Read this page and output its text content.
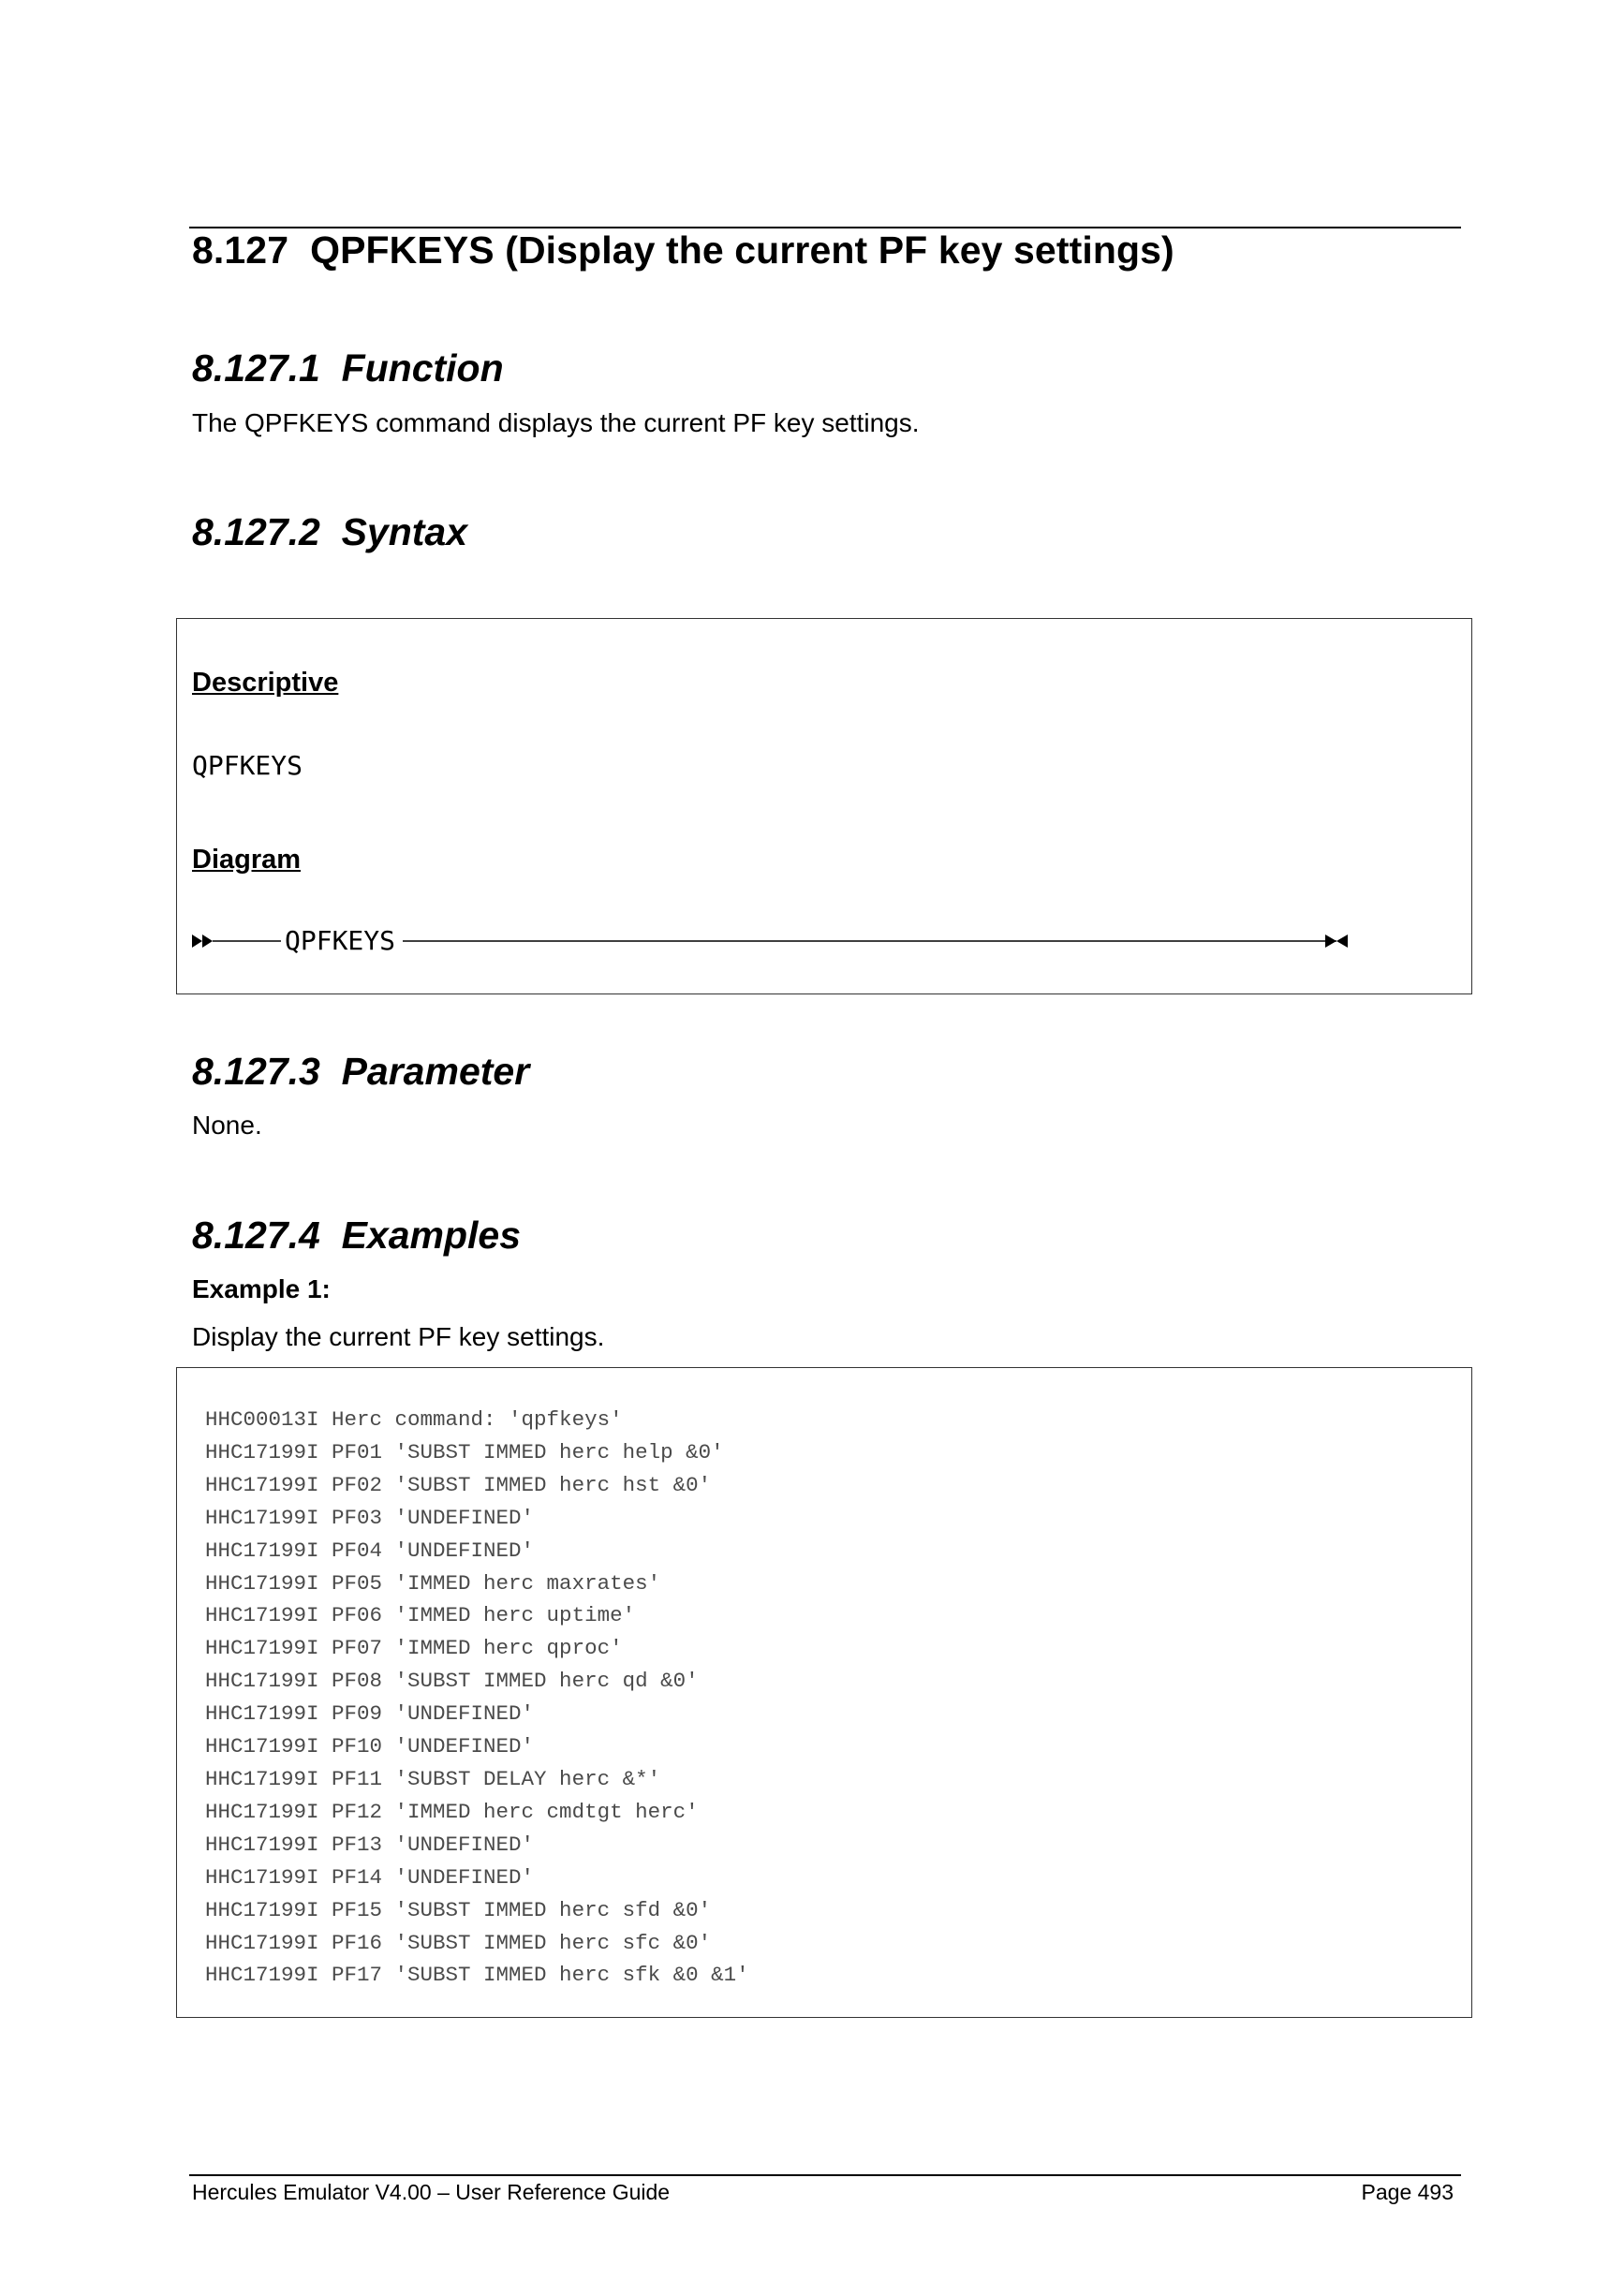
8.127  QPFKEYS (Display the current PF key settings)
8.127.1  Function

The QPFKEYS command displays the current PF key settings.

8.127.2  Syntax
Descriptive
QPFKEYS
Diagram
QPFKEYS
8.127.3  Parameter

None.

8.127.4  Examples

Example 1:

Display the current PF key settings.

HHC00013I Herc command: 'qpfkeys'
HHC17199I PF01 'SUBST IMMED herc help &0'
HHC17199I PF02 'SUBST IMMED herc hst &0'
HHC17199I PF03 'UNDEFINED'
HHC17199I PF04 'UNDEFINED'
HHC17199I PF05 'IMMED herc maxrates'
HHC17199I PF06 'IMMED herc uptime'
HHC17199I PF07 'IMMED herc qproc'
HHC17199I PF08 'SUBST IMMED herc qd &0'
HHC17199I PF09 'UNDEFINED'
HHC17199I PF10 'UNDEFINED'
HHC17199I PF11 'SUBST DELAY herc &*'
HHC17199I PF12 'IMMED herc cmdtgt herc'
HHC17199I PF13 'UNDEFINED'
HHC17199I PF14 'UNDEFINED'
HHC17199I PF15 'SUBST IMMED herc sfd &0'
HHC17199I PF16 'SUBST IMMED herc sfc &0'
HHC17199I PF17 'SUBST IMMED herc sfk &0 &1'
Hercules Emulator V4.00 – User Reference Guide	Page 493
